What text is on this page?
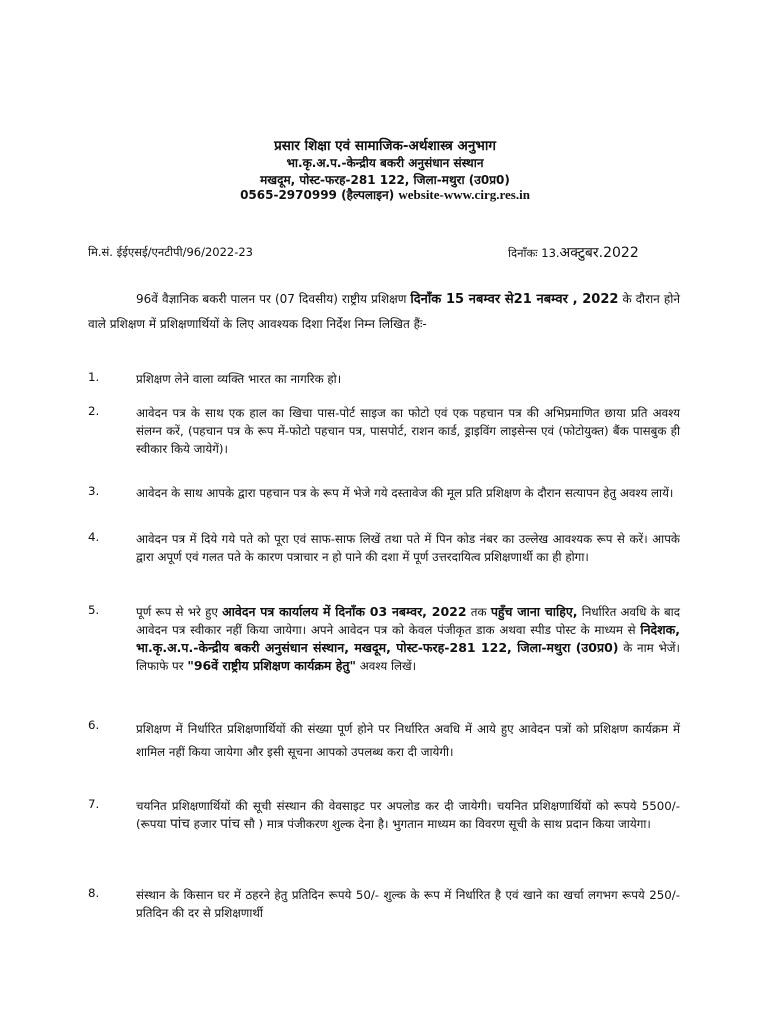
प्रसार शिक्षा एवं सामाजिक-अर्थशास्त्र अनुभाग
भा.कृ.अ.प.-केन्द्रीय बकरी अनुसंधान संस्थान
मखदूम, पोस्ट-फरह-281 122, जिला-मथुरा (उ0प्र0)
0565-2970999 (हैल्पलाइन) website-www.cirg.res.in
मि.सं. ईईएसई/एनटीपी/96/2022-23	दिनाँकः 13.अक्टुबर.2022
96वें वैज्ञानिक बकरी पालन पर (07 दिवसीय) राष्ट्रीय प्रशिक्षण दिनाँक 15 नबम्वर से21 नबम्वर , 2022 के दौरान होने वाले प्रशिक्षण में प्रशिक्षणार्थियों के लिए आवश्यक दिशा निर्देश निम्न लिखित हैंः-
1.	प्रशिक्षण लेने वाला व्यक्ति भारत का नागरिक हो।
2.	आवेदन पत्र के साथ एक हाल का खिचा पास-पोर्ट साइज का फोटो एवं एक पहचान पत्र की अभिप्रमाणित छाया प्रति अवश्य संलग्न करें, (पहचान पत्र के रूप में-फोटो पहचान पत्र, पासपोर्ट, राशन कार्ड, ड्राइविंग लाइसेन्स एवं (फोटोयुक्त) बैंक पासबुक ही स्वीकार किये जायेगें)।
3.	आवेदन के साथ आपके द्वारा पहचान पत्र के रूप में भेजे गये दस्तावेज की मूल प्रति प्रशिक्षण के दौरान सत्यापन हेतु अवश्य लायें।
4.	आवेदन पत्र में दिये गये पते को पूरा एवं साफ-साफ लिखें तथा पते में पिन कोड नंबर का उल्लेख आवश्यक रूप से करें। आपके द्वारा अपूर्ण एवं गलत पते के कारण पत्राचार न हो पाने की दशा में पूर्ण उत्तरदायित्व प्रशिक्षणार्थी का ही होगा।
5.	पूर्ण रूप से भरे हुए आवेदन पत्र कार्यालय में दिनाँक 03 नबम्वर, 2022 तक पहुँच जाना चाहिए, निर्धारित अवधि के बाद आवेदन पत्र स्वीकार नहीं किया जायेगा। अपने आवेदन पत्र को केवल पंजीकृत डाक अथवा स्पीड पोस्ट के माध्यम से निदेशक, भा.कृ.अ.प.-केन्द्रीय बकरी अनुसंधान संस्थान, मखदूम, पोस्ट-फरह-281 122, जिला-मथुरा (उ0प्र0) के नाम भेजें। लिफाफे पर "96वें राष्ट्रीय प्रशिक्षण कार्यक्रम हेतु" अवश्य लिखें।
6.	प्रशिक्षण में निर्धारित प्रशिक्षणार्थियों की संख्या पूर्ण होने पर निर्धारित अवधि में आये हुए आवेदन पत्रों को प्रशिक्षण कार्यक्रम में शामिल नहीं किया जायेगा और इसी सूचना आपको उपलब्ध करा दी जायेगी।
7.	चयनित प्रशिक्षणार्थियों की सूची संस्थान की वेवसाइट पर अपलोड कर दी जायेगी। चयनित प्रशिक्षणार्थियों को रूपये 5500/- (रूपया पांच हजार पांच सौ ) मात्र पंजीकरण शुल्क देना है। भुगतान माध्यम का विवरण सूची के साथ प्रदान किया जायेगा।
8.	संस्थान के किसान घर में ठहरने हेतु प्रतिदिन रूपये 50/- शुल्क के रूप में निर्धारित है एवं खाने का खर्चा लगभग रूपये 250/- प्रतिदिन की दर से प्रशिक्षणार्थी
